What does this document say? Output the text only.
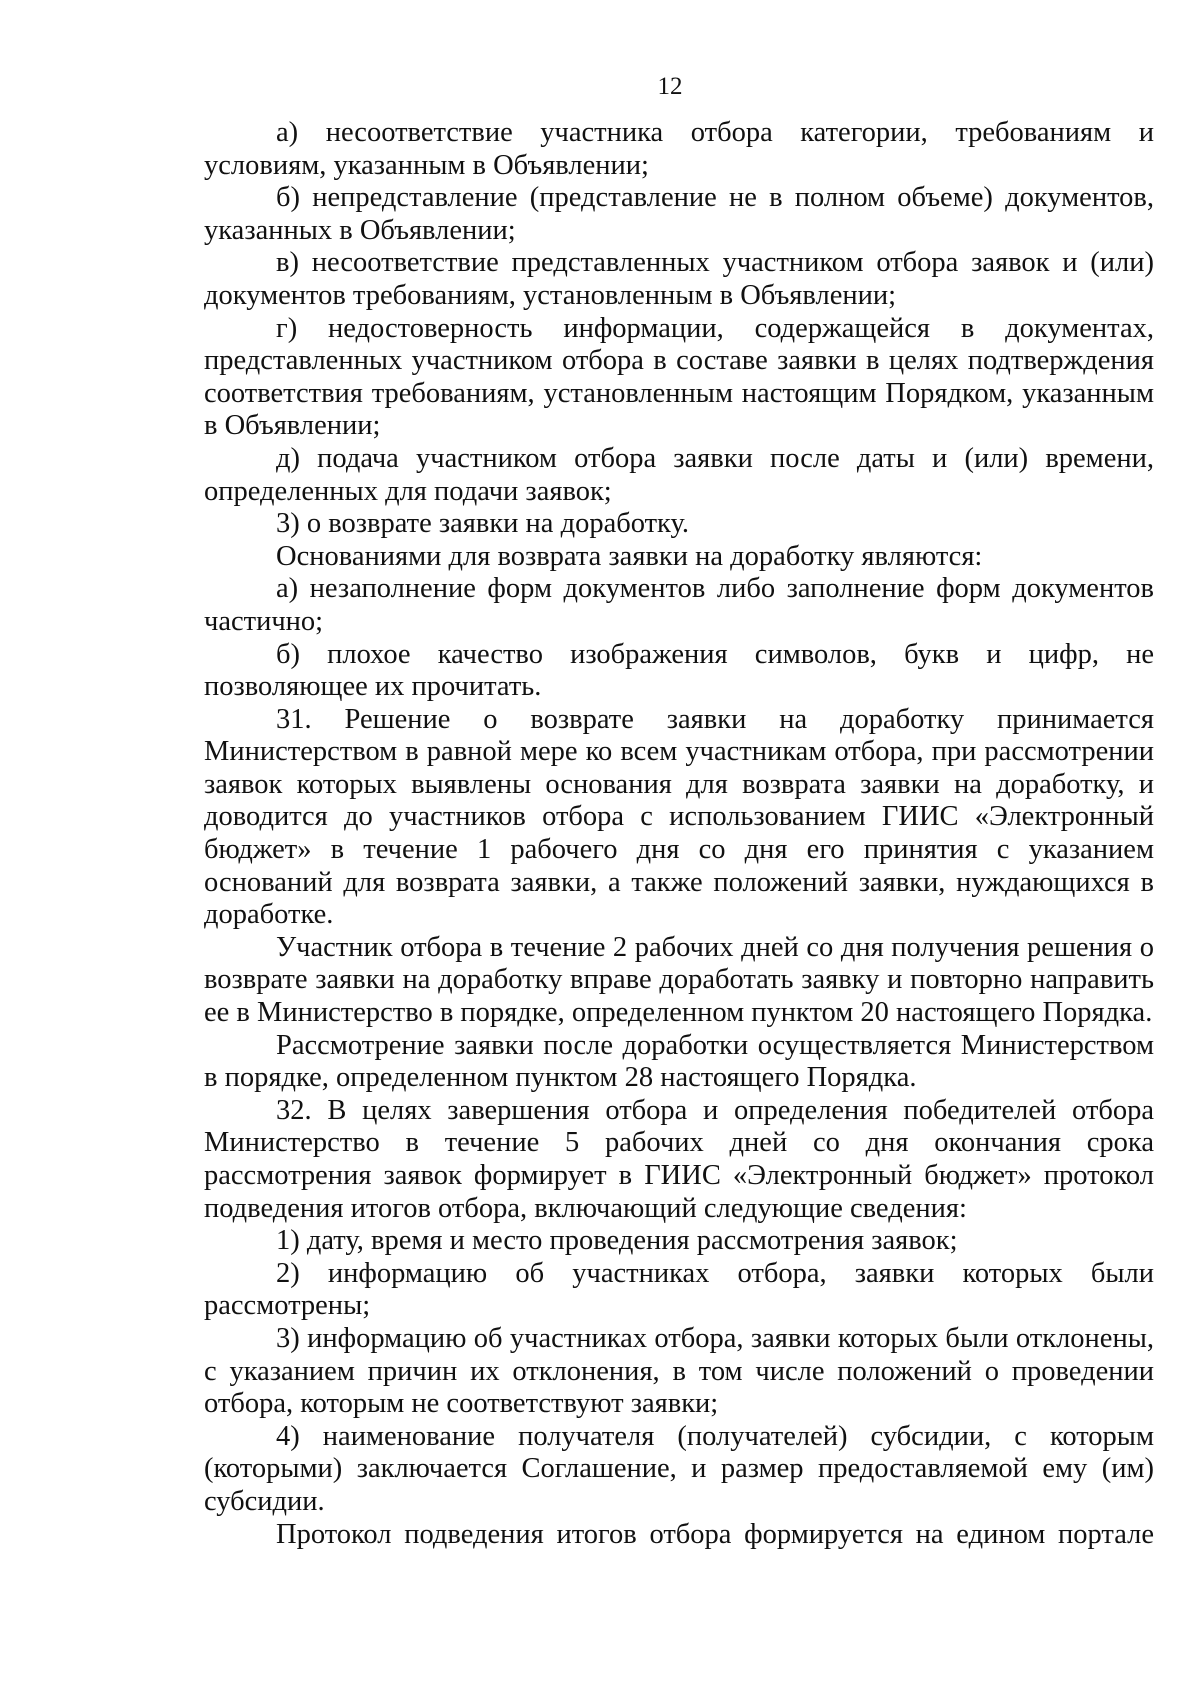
12

а) несоответствие участника отбора категории, требованиям и условиям, указанным в Объявлении;

б) непредставление (представление не в полном объеме) документов, указанных в Объявлении;

в) несоответствие представленных участником отбора заявок и (или) документов требованиям, установленным в Объявлении;

г) недостоверность информации, содержащейся в документах, представленных участником отбора в составе заявки в целях подтверждения соответствия требованиям, установленным настоящим Порядком, указанным в Объявлении;

д) подача участником отбора заявки после даты и (или) времени, определенных для подачи заявок;

3) о возврате заявки на доработку.

Основаниями для возврата заявки на доработку являются:

а) незаполнение форм документов либо заполнение форм документов частично;

б) плохое качество изображения символов, букв и цифр, не позволяющее их прочитать.

31. Решение о возврате заявки на доработку принимается Министерством в равной мере ко всем участникам отбора, при рассмотрении заявок которых выявлены основания для возврата заявки на доработку, и доводится до участников отбора с использованием ГИИС «Электронный бюджет» в течение 1 рабочего дня со дня его принятия с указанием оснований для возврата заявки, а также положений заявки, нуждающихся в доработке.

Участник отбора в течение 2 рабочих дней со дня получения решения о возврате заявки на доработку вправе доработать заявку и повторно направить ее в Министерство в порядке, определенном пунктом 20 настоящего Порядка.

Рассмотрение заявки после доработки осуществляется Министерством в порядке, определенном пунктом 28 настоящего Порядка.

32. В целях завершения отбора и определения победителей отбора Министерство в течение 5 рабочих дней со дня окончания срока рассмотрения заявок формирует в ГИИС «Электронный бюджет» протокол подведения итогов отбора, включающий следующие сведения:

1) дату, время и место проведения рассмотрения заявок;

2) информацию об участниках отбора, заявки которых были рассмотрены;

3) информацию об участниках отбора, заявки которых были отклонены, с указанием причин их отклонения, в том числе положений о проведении отбора, которым не соответствуют заявки;

4) наименование получателя (получателей) субсидии, с которым (которыми) заключается Соглашение, и размер предоставляемой ему (им) субсидии.

Протокол подведения итогов отбора формируется на едином портале
